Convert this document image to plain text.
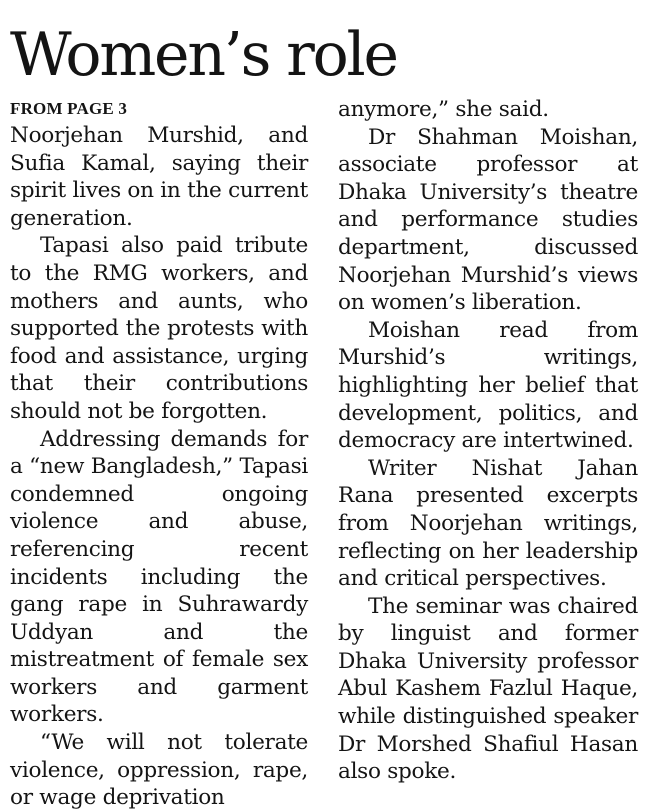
Women’s role
FROM PAGE 3

Noorjehan Murshid, and Sufia Kamal, saying their spirit lives on in the current generation.

Tapasi also paid tribute to the RMG workers, and mothers and aunts, who supported the protests with food and assistance, urging that their contributions should not be forgotten.

Addressing demands for a “new Bangladesh,” Tapasi condemned ongoing violence and abuse, referencing recent incidents including the gang rape in Suhrawardy Uddyan and the mistreatment of female sex workers and garment workers.

“We will not tolerate violence, oppression, rape, or wage deprivation

anymore,” she said.

Dr Shahman Moishan, associate professor at Dhaka University’s theatre and performance studies department, discussed Noorjehan Murshid’s views on women’s liberation.

Moishan read from Murshid’s writings, highlighting her belief that development, politics, and democracy are intertwined.

Writer Nishat Jahan Rana presented excerpts from Noorjehan writings, reflecting on her leadership and critical perspectives.

The seminar was chaired by linguist and former Dhaka University professor Abul Kashem Fazlul Haque, while distinguished speaker Dr Morshed Shafiul Hasan also spoke.
